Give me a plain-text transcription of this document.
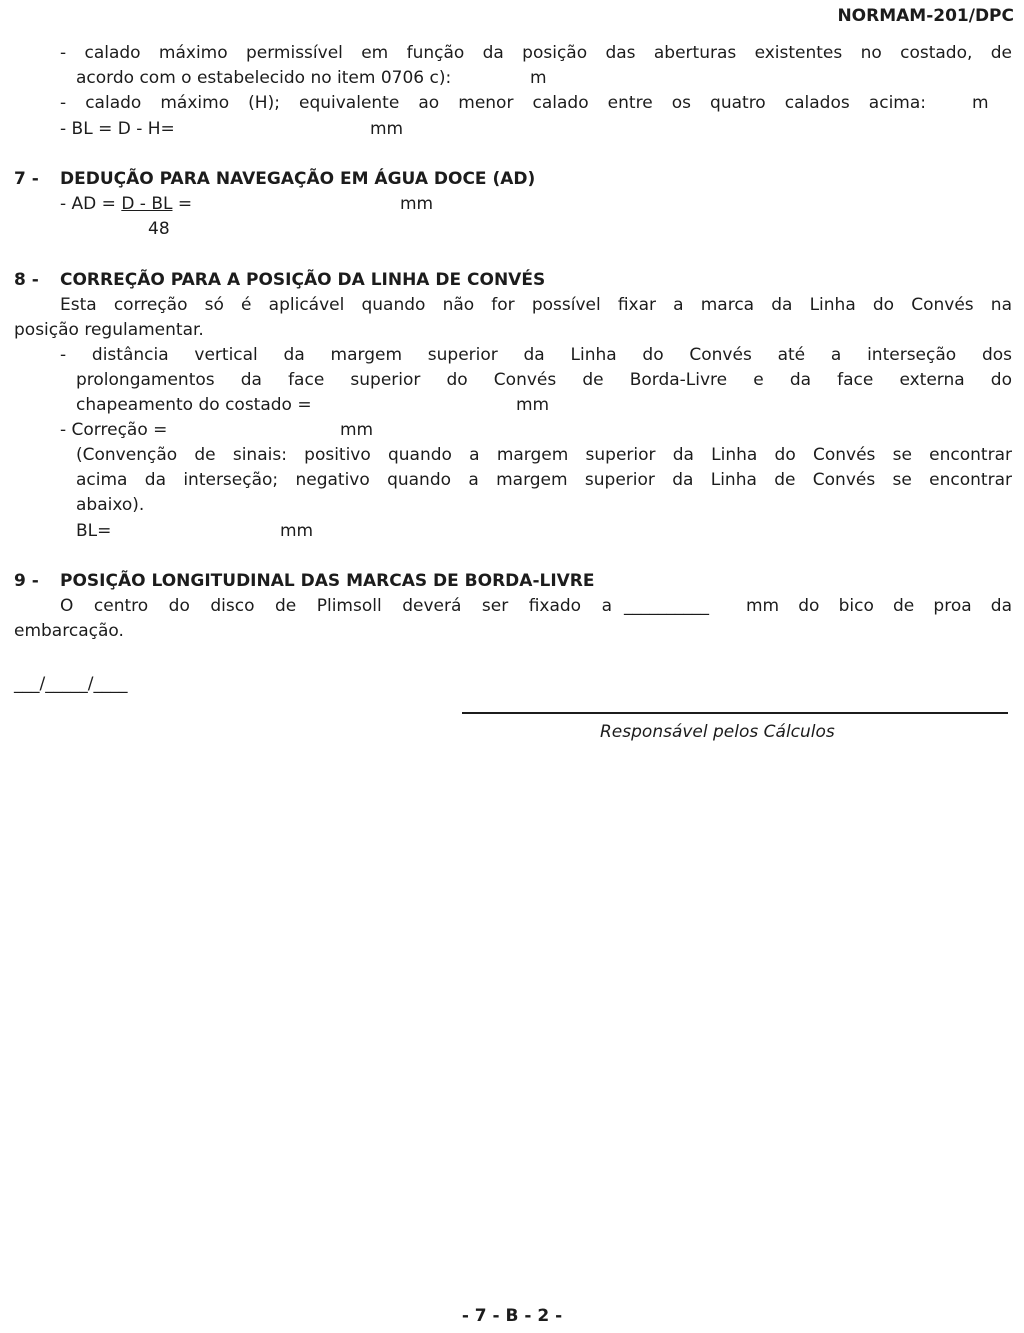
NORMAM-201/DPC
- calado máximo permissível em função da posição das aberturas existentes no costado, de
acordo com o estabelecido no item 0706 c):	m
- calado máximo (H); equivalente ao menor calado entre os quatro calados acima:	m
- BL = D - H=	mm
7 - DEDUÇÃO PARA NAVEGAÇÃO EM ÁGUA DOCE (AD)
- AD = D - BL =	mm
48
8 - CORREÇÃO PARA A POSIÇÃO DA LINHA DE CONVÉS
Esta correção só é aplicável quando não for possível fixar a marca da Linha do Convés na
posição regulamentar.
- distância vertical da margem superior da Linha do Convés até a interseção dos
prolongamentos da face superior do Convés de Borda-Livre e da face externa do
chapeamento do costado =	mm
- Correção =	mm
(Convenção de sinais: positivo quando a margem superior da Linha do Convés se encontrar
acima da interseção; negativo quando a margem superior da Linha de Convés se encontrar
abaixo).
BL=	mm
9 - POSIÇÃO LONGITUDINAL DAS MARCAS DE BORDA-LIVRE
O centro do disco de Plimsoll deverá ser fixado a __________ mm do bico de proa da
embarcação.
___/_____/____
Responsável pelos Cálculos
- 7 - B - 2 -
